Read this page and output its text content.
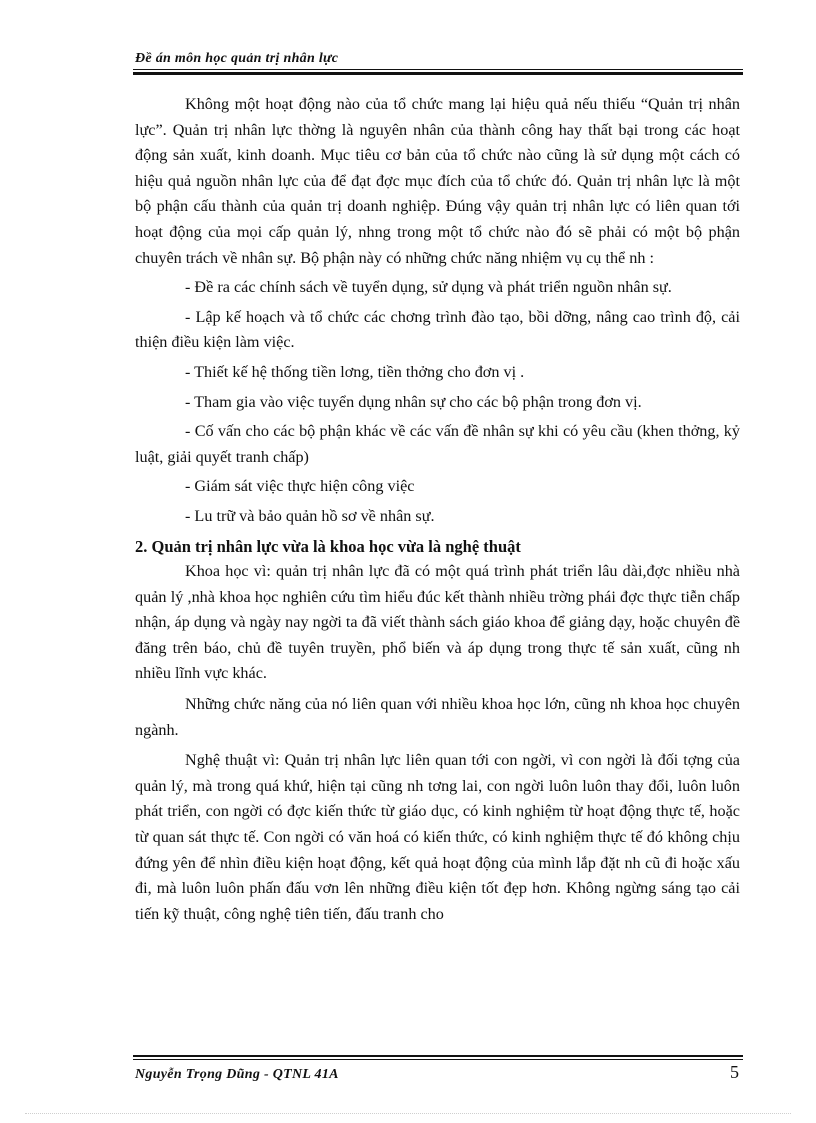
Đề án môn học quản trị nhân lực

Không một hoạt động nào của tổ chức mang lại hiệu quả nếu thiếu “Quản trị nhân lực”. Quản trị nhân lực thờng là nguyên nhân của thành công hay thất bại trong các hoạt động sản xuất, kinh doanh. Mục tiêu cơ bản của tổ chức nào cũng là sử dụng một cách có hiệu quả nguồn nhân lực của để đạt đợc mục đích của tổ chức đó. Quản trị nhân lực là một bộ phận cấu thành của quản trị doanh nghiệp. Đúng vậy quản trị nhân lực có liên quan tới hoạt động của mọi cấp quản lý, nhng trong một tổ chức nào đó sẽ phải có một bộ phận chuyên trách về nhân sự. Bộ phận này có những chức năng nhiệm vụ cụ thể nh :

- Đề ra các chính sách về tuyển dụng, sử dụng và phát triển nguồn nhân sự.

- Lập kế hoạch và tổ chức các chơng trình đào tạo, bồi dỡng, nâng cao trình độ, cải thiện điều kiện làm việc.

- Thiết kế hệ thống tiền lơng, tiền thởng cho đơn vị .

- Tham gia vào việc tuyển dụng nhân sự cho các bộ phận trong đơn vị.

- Cố vấn cho các bộ phận khác về các vấn đề nhân sự khi có yêu cầu (khen thởng, kỷ luật, giải quyết tranh chấp)

- Giám sát việc thực hiện công việc

- Lu trữ và bảo quản hồ sơ về nhân sự.

2. Quản trị nhân lực vừa là khoa học vừa là nghệ thuật

Khoa học vì: quản trị nhân lực đã có một quá trình phát triển lâu dài,đợc nhiều nhà quản lý ,nhà khoa học nghiên cứu tìm hiểu đúc kết thành nhiều trờng phái đợc thực tiễn chấp nhận, áp dụng và ngày nay ngời ta đã viết thành sách giáo khoa để giảng dạy, hoặc chuyên đề đăng trên báo, chủ đề tuyên truyền, phổ biến và áp dụng trong thực tế sản xuất, cũng nh nhiều lĩnh vực khác.

Những chức năng của nó liên quan với nhiều khoa học lớn, cũng nh khoa học chuyên ngành.

Nghệ thuật vì: Quản trị nhân lực liên quan tới con ngời, vì con ngời là đối tợng của quản lý, mà trong quá khứ, hiện tại cũng nh tơng lai, con ngời luôn luôn thay đổi, luôn luôn phát triển, con ngời có đợc kiến thức từ giáo dục, có kinh nghiệm từ hoạt động thực tế, hoặc từ quan sát thực tế. Con ngời có văn hoá có kiến thức, có kinh nghiệm thực tế đó không chịu đứng yên để nhìn điều kiện hoạt động, kết quả hoạt động của mình lắp đặt nh cũ đi hoặc xấu đi, mà luôn luôn phấn đấu vơn lên những điều kiện tốt đẹp hơn. Không ngừng sáng tạo cải tiến kỹ thuật, công nghệ tiên tiến, đấu tranh cho

Nguyễn Trọng Dũng - QTNL 41A	5
